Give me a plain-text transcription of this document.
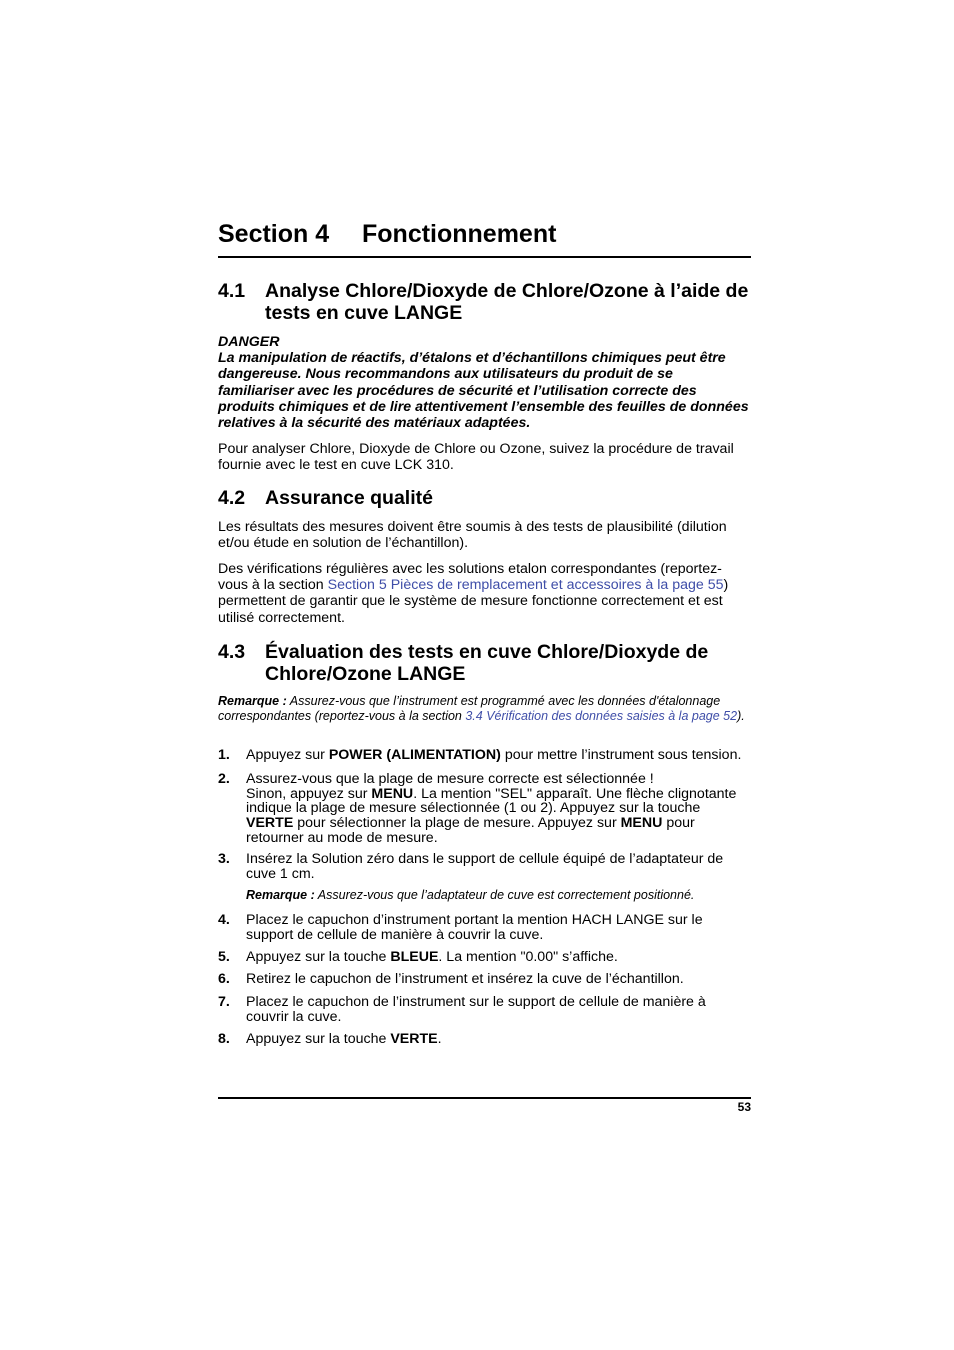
Section 4 Fonctionnement
4.1 Analyse Chlore/Dioxyde de Chlore/Ozone à l’aide de tests en cuve LANGE
DANGER
La manipulation de réactifs, d’étalons et d’échantillons chimiques peut être dangereuse. Nous recommandons aux utilisateurs du produit de se familiariser avec les procédures de sécurité et l’utilisation correcte des produits chimiques et de lire attentivement l’ensemble des feuilles de données relatives à la sécurité des matériaux adaptées.
Pour analyser Chlore, Dioxyde de Chlore ou Ozone, suivez la procédure de travail fournie avec le test en cuve LCK 310.
4.2 Assurance qualité
Les résultats des mesures doivent être soumis à des tests de plausibilité (dilution et/ou étude en solution de l’échantillon).
Des vérifications régulières avec les solutions etalon correspondantes (reportez-vous à la section Section 5 Pièces de remplacement et accessoires à la page 55) permettent de garantir que le système de mesure fonctionne correctement et est utilisé correctement.
4.3 Évaluation des tests en cuve Chlore/Dioxyde de Chlore/Ozone LANGE
Remarque : Assurez-vous que l’instrument est programmé avec les données d'étalonnage correspondantes (reportez-vous à la section 3.4 Vérification des données saisies à la page 52).
1. Appuyez sur POWER (ALIMENTATION) pour mettre l’instrument sous tension.
2. Assurez-vous que la plage de mesure correcte est sélectionnée !
Sinon, appuyez sur MENU. La mention "SEL" apparaît. Une flèche clignotante indique la plage de mesure sélectionnée (1 ou 2). Appuyez sur la touche VERTE pour sélectionner la plage de mesure. Appuyez sur MENU pour retourner au mode de mesure.
3. Insérez la Solution zéro dans le support de cellule équipé de l’adaptateur de cuve 1 cm.
Remarque : Assurez-vous que l’adaptateur de cuve est correctement positionné.
4. Placez le capuchon d’instrument portant la mention HACH LANGE sur le support de cellule de manière à couvrir la cuve.
5. Appuyez sur la touche BLEUE. La mention "0.00" s’affiche.
6. Retirez le capuchon de l’instrument et insérez la cuve de l’échantillon.
7. Placez le capuchon de l’instrument sur le support de cellule de manière à couvrir la cuve.
8. Appuyez sur la touche VERTE.
53
